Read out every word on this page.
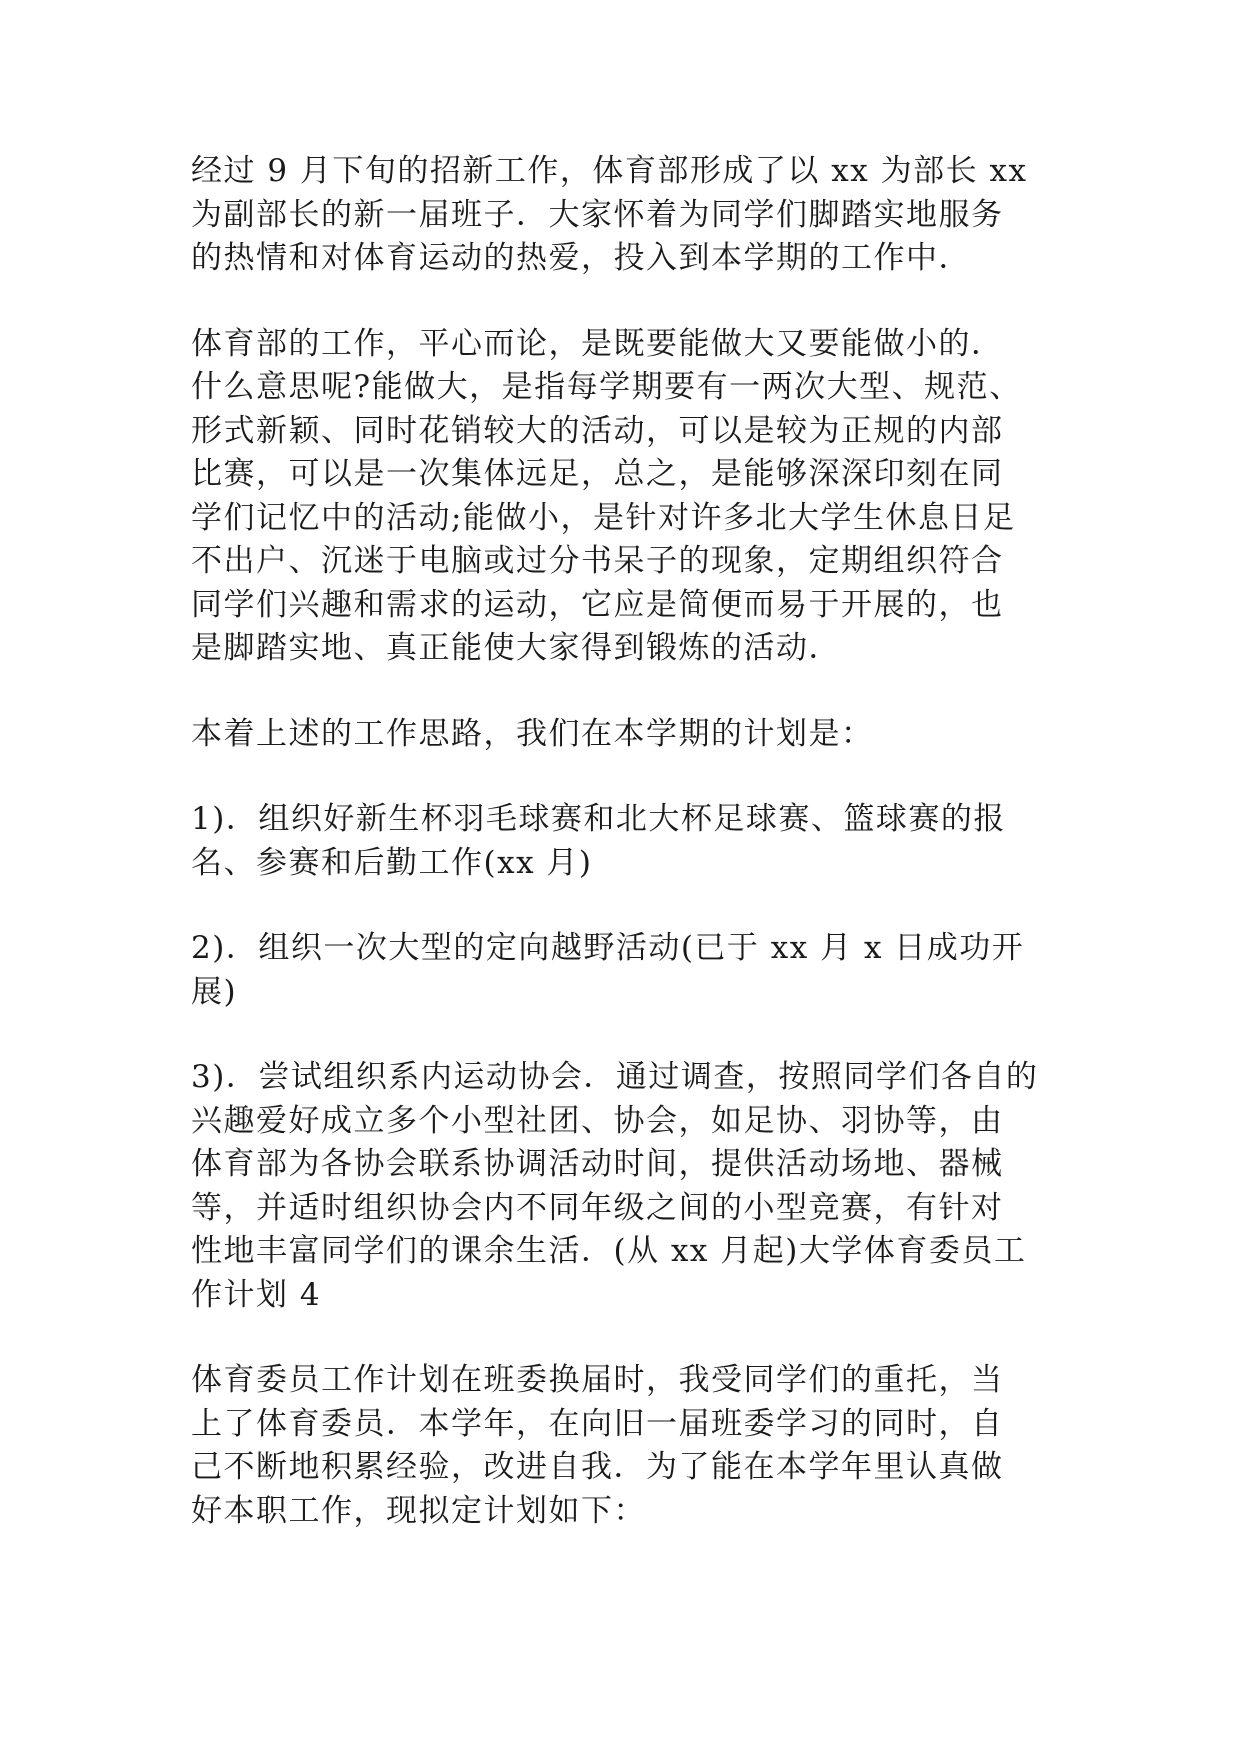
经过 9 月下旬的招新工作，体育部形成了以 xx 为部长 xx
为副部长的新一届班子．大家怀着为同学们脚踏实地服务
的热情和对体育运动的热爱，投入到本学期的工作中．

体育部的工作，平心而论，是既要能做大又要能做小的．
什么意思呢?能做大，是指每学期要有一两次大型、规范、
形式新颖、同时花销较大的活动，可以是较为正规的内部
比赛，可以是一次集体远足，总之，是能够深深印刻在同
学们记忆中的活动;能做小，是针对许多北大学生休息日足
不出户、沉迷于电脑或过分书呆子的现象，定期组织符合
同学们兴趣和需求的运动，它应是简便而易于开展的，也
是脚踏实地、真正能使大家得到锻炼的活动．

本着上述的工作思路，我们在本学期的计划是：

1)．组织好新生杯羽毛球赛和北大杯足球赛、篮球赛的报
名、参赛和后勤工作(xx 月)

2)．组织一次大型的定向越野活动(已于 xx 月 x 日成功开
展)

3)．尝试组织系内运动协会．通过调查，按照同学们各自的
兴趣爱好成立多个小型社团、协会，如足协、羽协等，由
体育部为各协会联系协调活动时间，提供活动场地、器械
等，并适时组织协会内不同年级之间的小型竞赛，有针对
性地丰富同学们的课余生活．(从 xx 月起)大学体育委员工
作计划 4

体育委员工作计划在班委换届时，我受同学们的重托，当
上了体育委员．本学年，在向旧一届班委学习的同时，自
己不断地积累经验，改进自我．为了能在本学年里认真做
好本职工作，现拟定计划如下：
